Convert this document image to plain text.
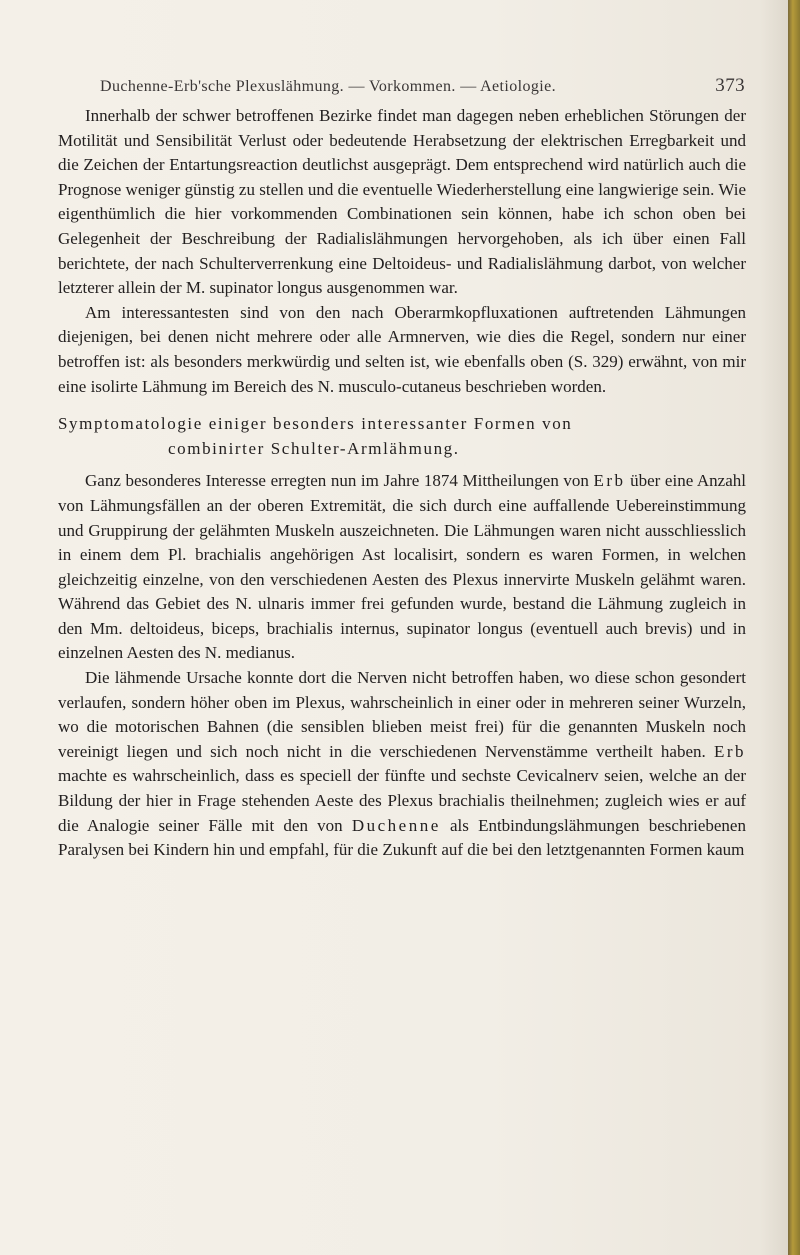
Duchenne-Erb'sche Plexuslähmung. — Vorkommen. — Aetiologie.	373

Innerhalb der schwer betroffenen Bezirke findet man dagegen neben erheblichen Störungen der Motilität und Sensibilität Verlust oder bedeutende Herabsetzung der elektrischen Erregbarkeit und die Zeichen der Entartungsreaction deutlichst ausgeprägt. Dem entsprechend wird natürlich auch die Prognose weniger günstig zu stellen und die eventuelle Wiederherstellung eine langwierige sein. Wie eigenthümlich die hier vorkommenden Combinationen sein können, habe ich schon oben bei Gelegenheit der Beschreibung der Radialislähmungen hervorgehoben, als ich über einen Fall berichtete, der nach Schulterverrenkung eine Deltoideus- und Radialislähmung darbot, von welcher letzterer allein der M. supinator longus ausgenommen war.

Am interessantesten sind von den nach Oberarmkopfluxationen auftretenden Lähmungen diejenigen, bei denen nicht mehrere oder alle Armnerven, wie dies die Regel, sondern nur einer betroffen ist: als besonders merkwürdig und selten ist, wie ebenfalls oben (S. 329) erwähnt, von mir eine isolirte Lähmung im Bereich des N. musculo-cutaneus beschrieben worden.

Symptomatologie einiger besonders interessanter Formen von
combinirter Schulter-Armlähmung.

Ganz besonderes Interesse erregten nun im Jahre 1874 Mittheilungen von Erb über eine Anzahl von Lähmungsfällen an der oberen Extremität, die sich durch eine auffallende Uebereinstimmung und Gruppirung der gelähmten Muskeln auszeichneten. Die Lähmungen waren nicht ausschliesslich in einem dem Pl. brachialis angehörigen Ast localisirt, sondern es waren Formen, in welchen gleichzeitig einzelne, von den verschiedenen Aesten des Plexus innervirte Muskeln gelähmt waren. Während das Gebiet des N. ulnaris immer frei gefunden wurde, bestand die Lähmung zugleich in den Mm. deltoideus, biceps, brachialis internus, supinator longus (eventuell auch brevis) und in einzelnen Aesten des N. medianus.

Die lähmende Ursache konnte dort die Nerven nicht betroffen haben, wo diese schon gesondert verlaufen, sondern höher oben im Plexus, wahrscheinlich in einer oder in mehreren seiner Wurzeln, wo die motorischen Bahnen (die sensiblen blieben meist frei) für die genannten Muskeln noch vereinigt liegen und sich noch nicht in die verschiedenen Nervenstämme vertheilt haben. Erb machte es wahrscheinlich, dass es speciell der fünfte und sechste Cevicalnerv seien, welche an der Bildung der hier in Frage stehenden Aeste des Plexus brachialis theilnehmen; zugleich wies er auf die Analogie seiner Fälle mit den von Duchenne als Entbindungslähmungen beschriebenen Paralysen bei Kindern hin und empfahl, für die Zukunft auf die bei den letztgenannten Formen kaum
